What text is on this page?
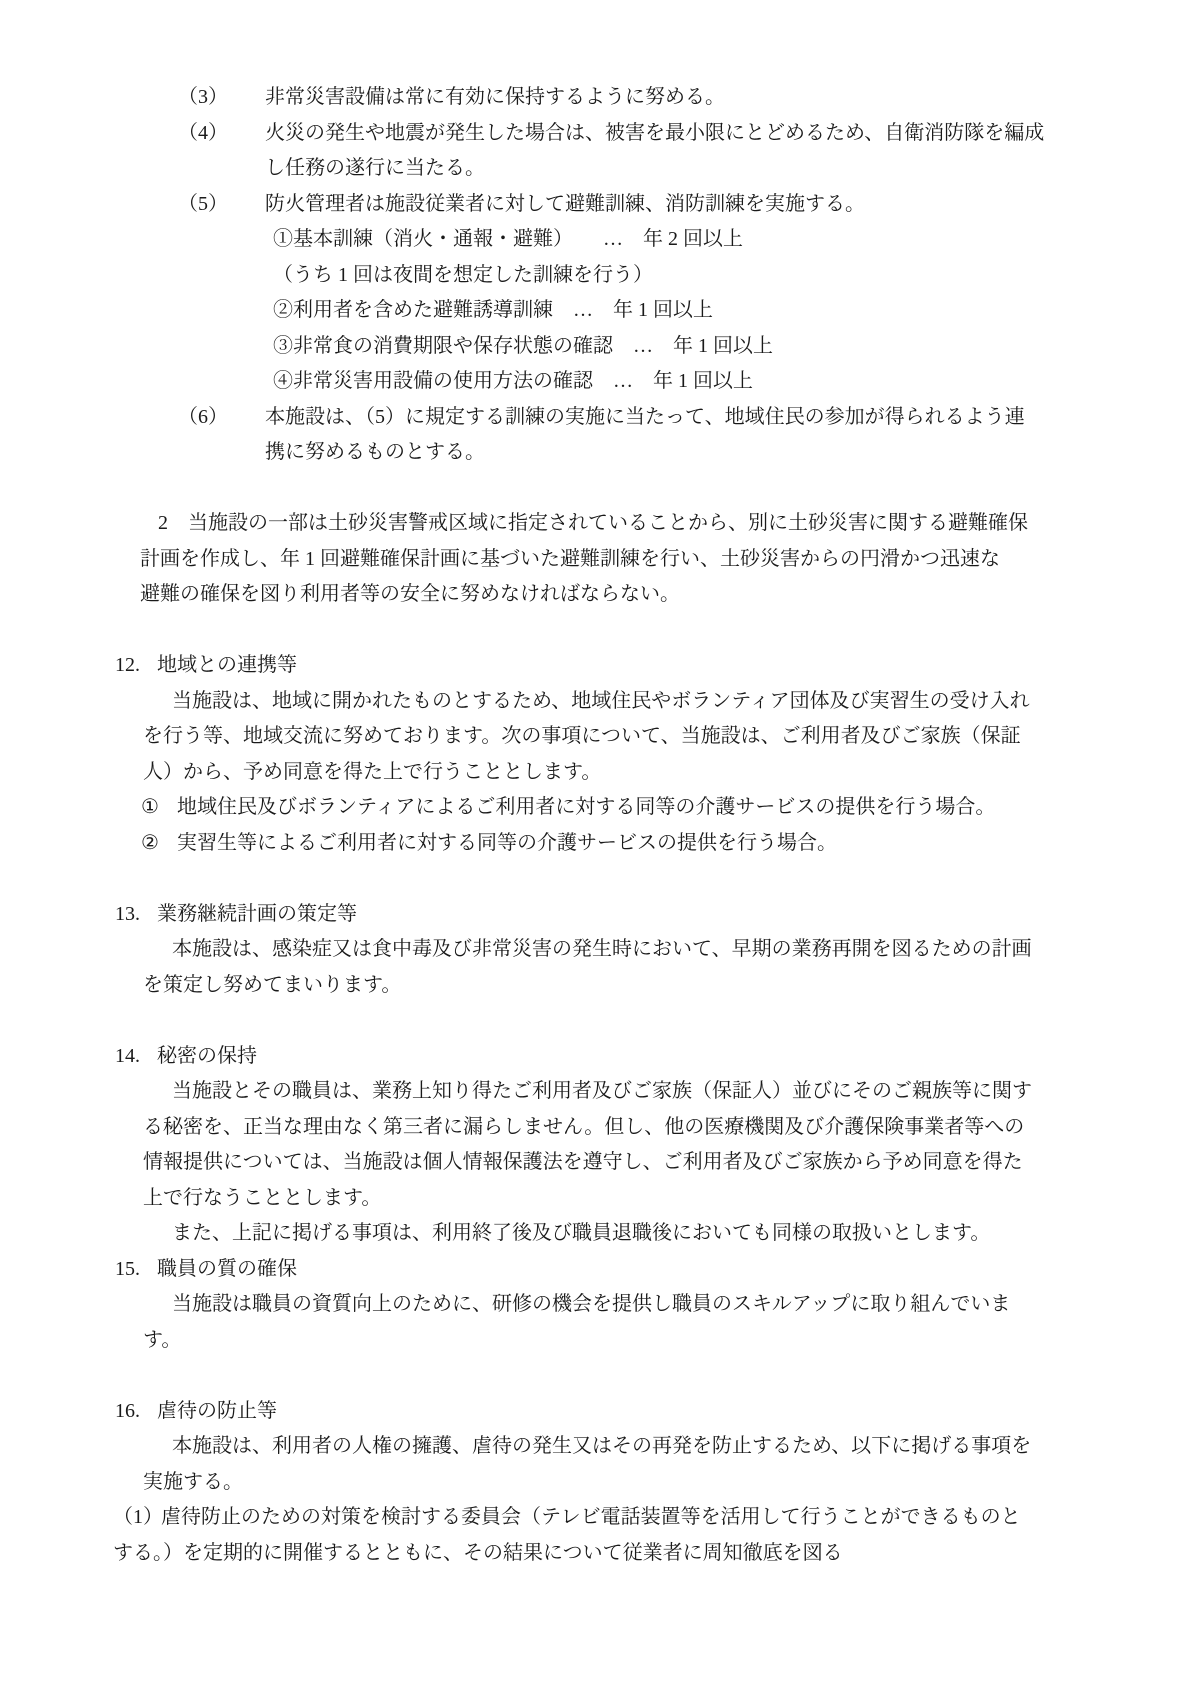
（3） 非常災害設備は常に有効に保持するように努める。
（4） 火災の発生や地震が発生した場合は、被害を最小限にとどめるため、自衛消防隊を編成
し任務の遂行に当たる。
（5） 防火管理者は施設従業者に対して避難訓練、消防訓練を実施する。
①基本訓練（消火・通報・避難）　　…　年 2 回以上
（うち 1 回は夜間を想定した訓練を行う）
②利用者を含めた避難誘導訓練　…　年 1 回以上
③非常食の消費期限や保存状態の確認　…　年 1 回以上
④非常災害用設備の使用方法の確認　…　年 1 回以上
（6） 本施設は、（5）に規定する訓練の実施に当たって、地域住民の参加が得られるよう連
携に努めるものとする。
2 当施設の一部は土砂災害警戒区域に指定されていることから、別に土砂災害に関する避難確保
計画を作成し、年 1 回避難確保計画に基づいた避難訓練を行い、土砂災害からの円滑かつ迅速な
避難の確保を図り利用者等の安全に努めなければならない。
12. 地域との連携等
当施設は、地域に開かれたものとするため、地域住民やボランティア団体及び実習生の受け入れ
を行う等、地域交流に努めております。次の事項について、当施設は、ご利用者及びご家族（保証
人）から、予め同意を得た上で行うこととします。
① 地域住民及びボランティアによるご利用者に対する同等の介護サービスの提供を行う場合。
② 実習生等によるご利用者に対する同等の介護サービスの提供を行う場合。
13. 業務継続計画の策定等
本施設は、感染症又は食中毒及び非常災害の発生時において、早期の業務再開を図るための計画
を策定し努めてまいります。
14. 秘密の保持
当施設とその職員は、業務上知り得たご利用者及びご家族（保証人）並びにそのご親族等に関す
る秘密を、正当な理由なく第三者に漏らしません。但し、他の医療機関及び介護保険事業者等への
情報提供については、当施設は個人情報保護法を遵守し、ご利用者及びご家族から予め同意を得た
上で行なうこととします。
また、上記に掲げる事項は、利用終了後及び職員退職後においても同様の取扱いとします。
15. 職員の質の確保
当施設は職員の資質向上のために、研修の機会を提供し職員のスキルアップに取り組んでいま
す。
16. 虐待の防止等
本施設は、利用者の人権の擁護、虐待の発生又はその再発を防止するため、以下に掲げる事項を
実施する。
（1）虐待防止のための対策を検討する委員会（テレビ電話装置等を活用して行うことができるものと
する。）を定期的に開催するとともに、その結果について従業者に周知徹底を図る
